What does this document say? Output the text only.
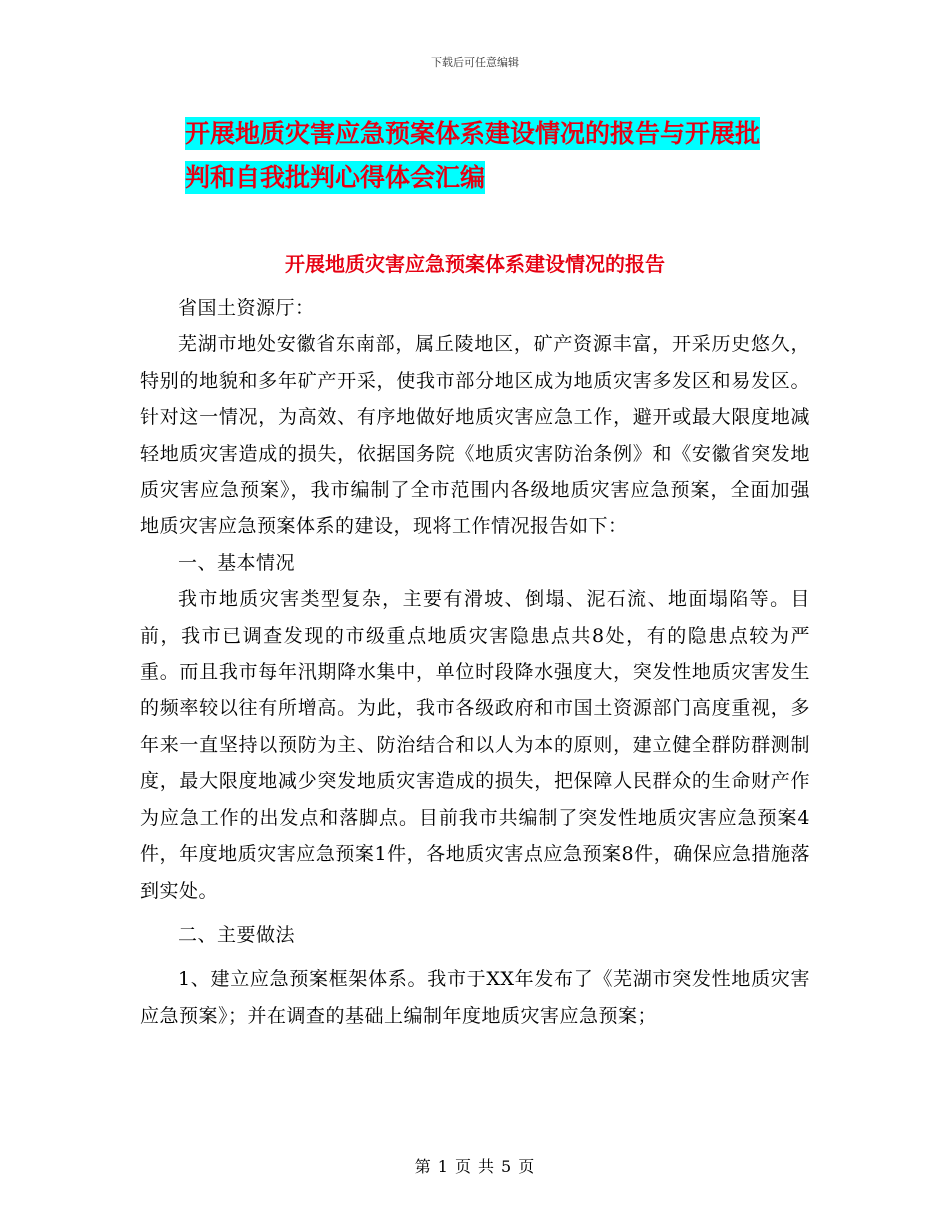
下载后可任意编辑
开展地质灾害应急预案体系建设情况的报告与开展批
判和自我批判心得体会汇编
开展地质灾害应急预案体系建设情况的报告

省国土资源厅：

芜湖市地处安徽省东南部，属丘陵地区，矿产资源丰富，开采历史悠久，特别的地貌和多年矿产开采，使我市部分地区成为地质灾害多发区和易发区。针对这一情况，为高效、有序地做好地质灾害应急工作，避开或最大限度地减轻地质灾害造成的损失，依据国务院《地质灾害防治条例》和《安徽省突发地质灾害应急预案》，我市编制了全市范围内各级地质灾害应急预案，全面加强地质灾害应急预案体系的建设，现将工作情况报告如下：

一、基本情况

我市地质灾害类型复杂，主要有滑坡、倒塌、泥石流、地面塌陷等。目前，我市已调查发现的市级重点地质灾害隐患点共8处，有的隐患点较为严重。而且我市每年汛期降水集中，单位时段降水强度大，突发性地质灾害发生的频率较以往有所增高。为此，我市各级政府和市国土资源部门高度重视，多年来一直坚持以预防为主、防治结合和以人为本的原则，建立健全群防群测制度，最大限度地减少突发地质灾害造成的损失，把保障人民群众的生命财产作为应急工作的出发点和落脚点。目前我市共编制了突发性地质灾害应急预案4件，年度地质灾害应急预案1件，各地质灾害点应急预案8件，确保应急措施落到实处。

二、主要做法

1、建立应急预案框架体系。我市于XX年发布了《芜湖市突发性地质灾害应急预案》；并在调查的基础上编制年度地质灾害应急预案；

第 1 页 共 5 页
